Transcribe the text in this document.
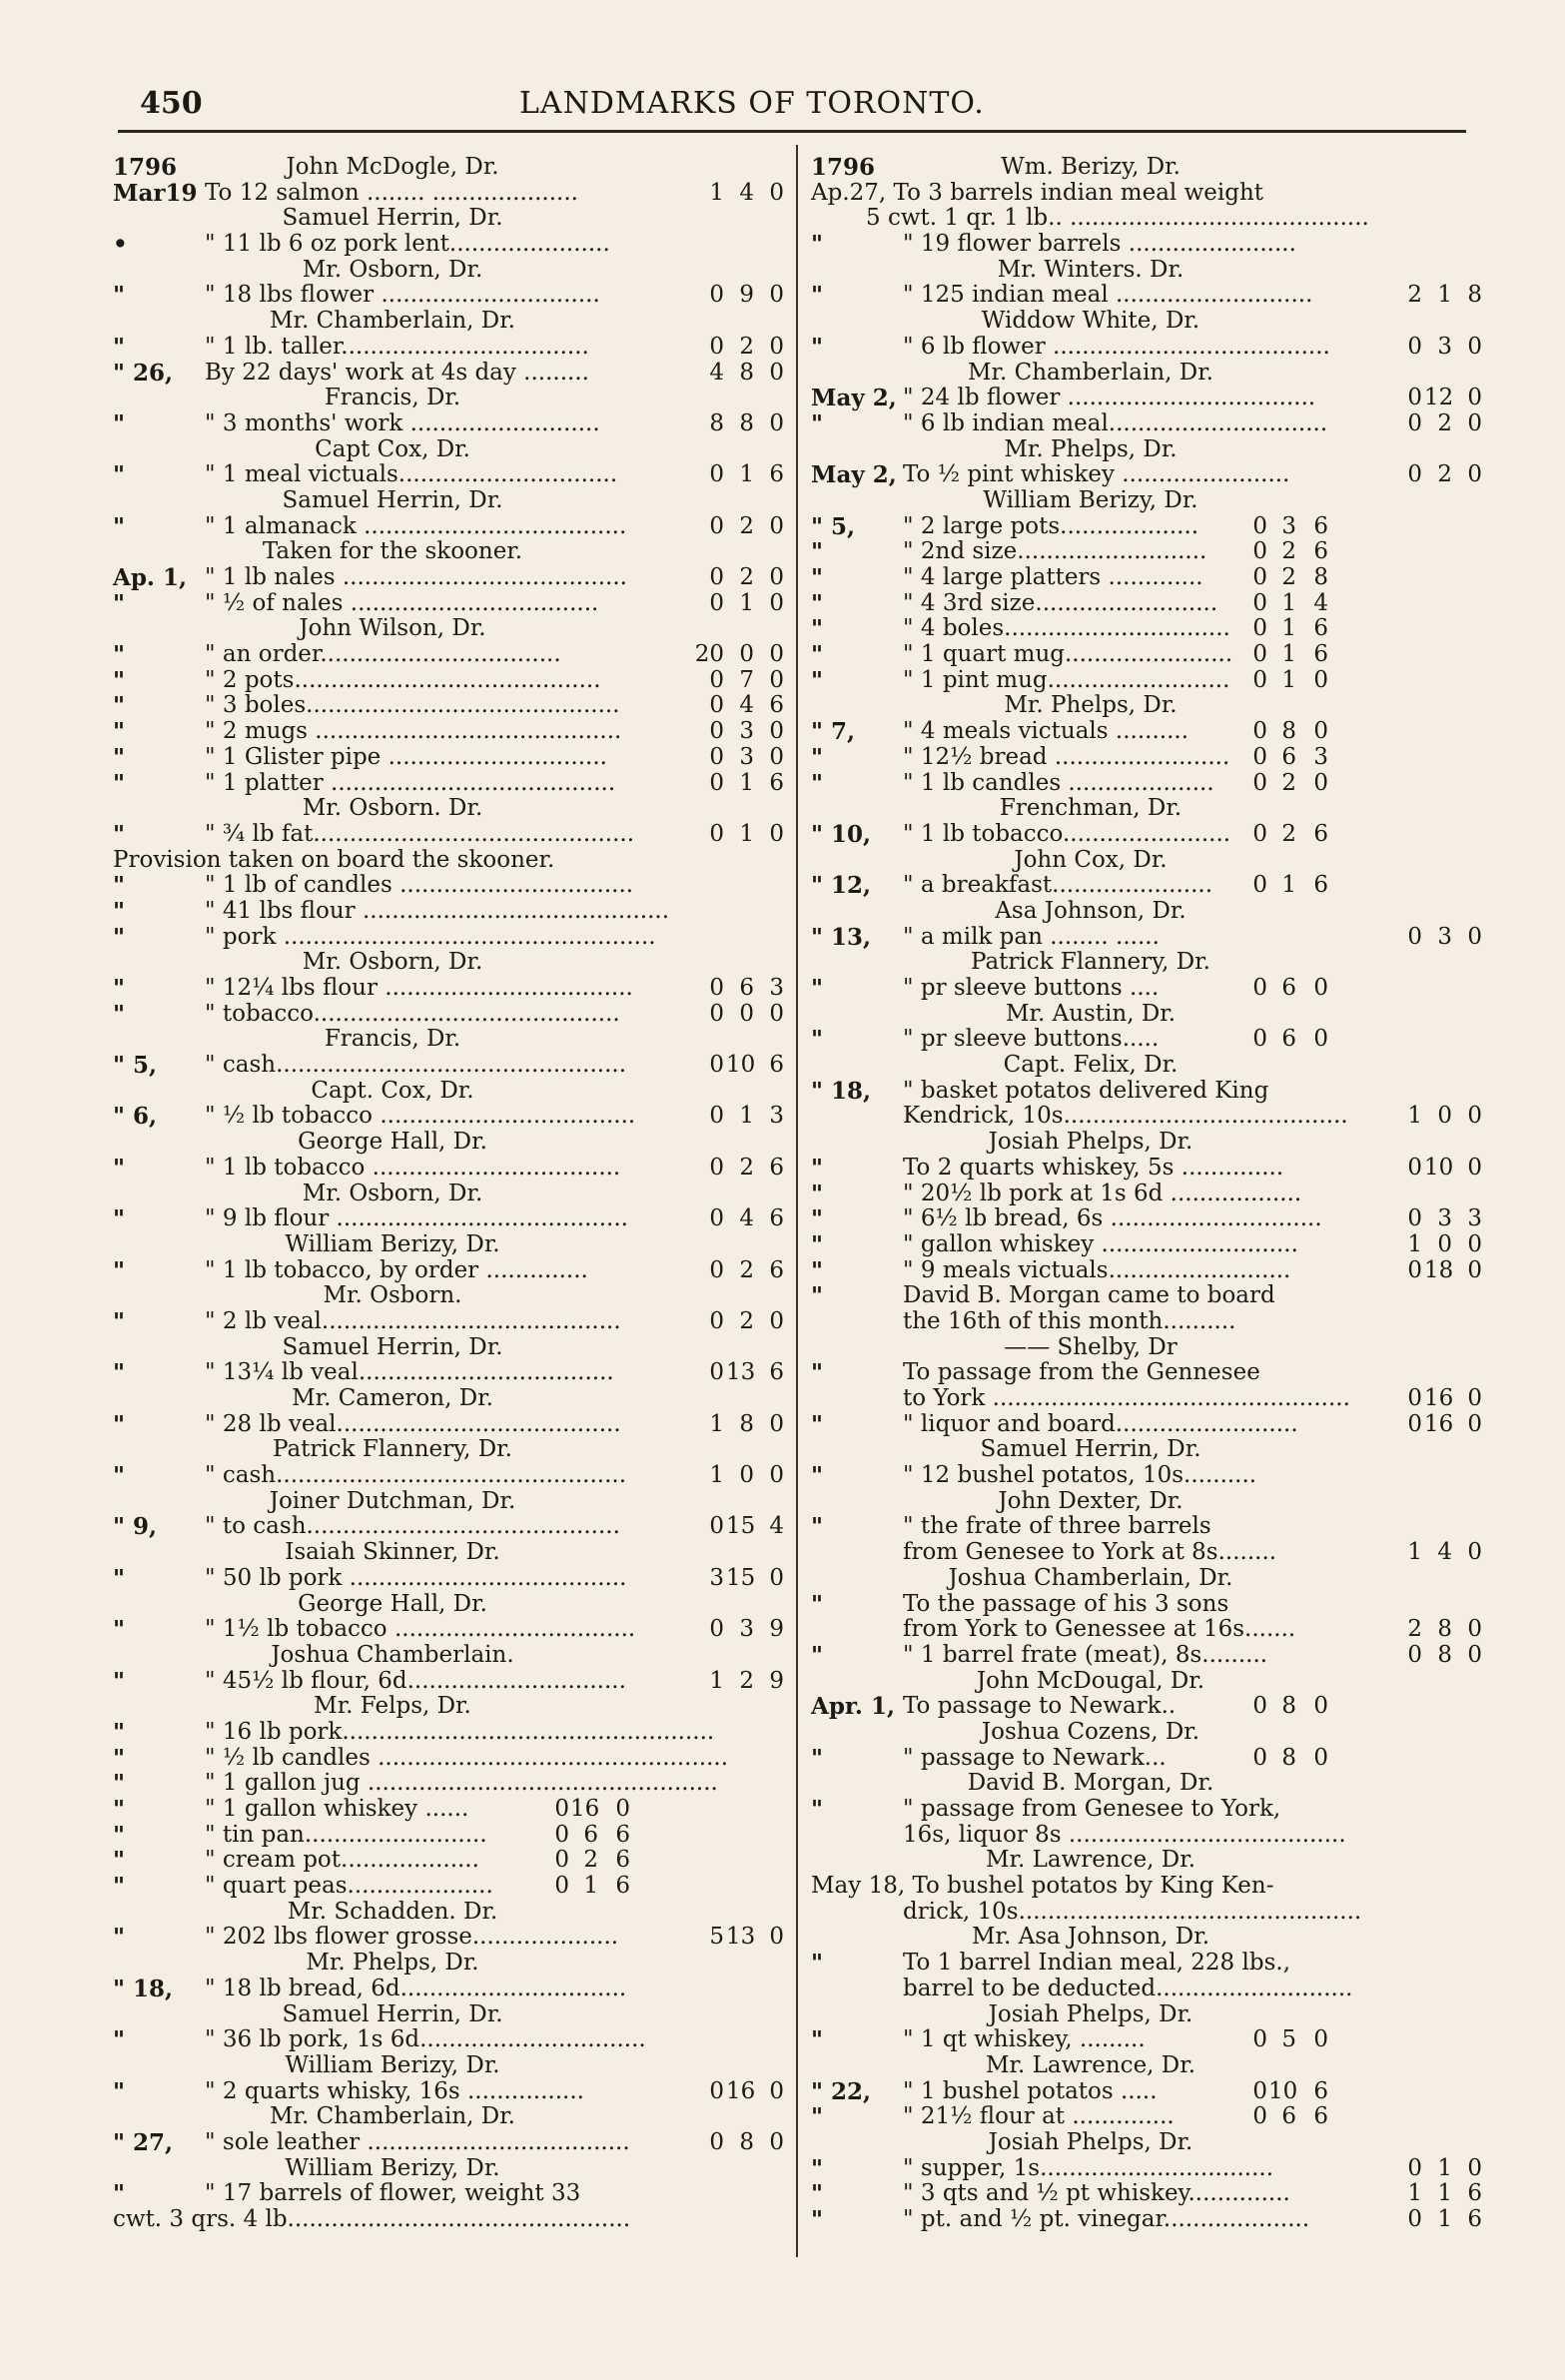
450	LANDMARKS OF TORONTO.
1796	John McDogle, Dr.
Mar19 To 12 salmon ........ ....................	1 4 0
Samuel Herrin, Dr.
•	" 11 lb 6 oz pork lent......................
Mr. Osborn, Dr.
"	" 18 lbs flower ..............................	0 9 0
Mr. Chamberlain, Dr.
"	" 1 lb. taller..................................	0 2 0
" 26, By 22 days' work at 4s day .........	4 8 0
Francis, Dr.
"	" 3 months' work ..........................	8 8 0
Capt Cox, Dr.
"	" 1 meal victuals..............................	0 1 6
Samuel Herrin, Dr.
"	" 1 almanack ....................................	0 2 0
Taken for the skooner.
Ap. 1, " 1 lb nales .......................................	0 2 0
"	" ½ of nales ..................................	0 1 0
John Wilson, Dr.
"	" an order.................................	20 0 0
"	" 2 pots..........................................	0 7 0
"	" 3 boles...........................................	0 4 6
"	" 2 mugs ..........................................	0 3 0
"	" 1 Glister pipe ..............................	0 3 0
"	" 1 platter .......................................	0 1 6
Mr. Osborn. Dr.
"	" ¾ lb fat............................................	0 1 0
Provision taken on board the skooner.
"	" 1 lb of candles ................................
"	" 41 lbs flour ..........................................
"	" pork ...................................................
Mr. Osborn, Dr.
"	" 12¼ lbs flour ..................................	0 6 3
"	" tobacco..........................................	0 0 0
Francis, Dr.
" 5, " cash................................................	0 10 6
Capt. Cox, Dr.
" 6, " ½ lb tobacco ...................................	0 1 3
George Hall, Dr.
"	" 1 lb tobacco ..................................	0 2 6
Mr. Osborn, Dr.
"	" 9 lb flour ........................................	0 4 6
William Berizy, Dr.
"	" 1 lb tobacco, by order ..............	0 2 6
Mr. Osborn.
"	" 2 lb veal.........................................	0 2 0
Samuel Herrin, Dr.
"	" 13¼ lb veal...................................	0 13 6
Mr. Cameron, Dr.
"	" 28 lb veal.......................................	1 8 0
Patrick Flannery, Dr.
"	" cash................................................	1 0 0
Joiner Dutchman, Dr.
" 9, " to cash...........................................	0 15 4
Isaiah Skinner, Dr.
"	" 50 lb pork ......................................	3 15 0
George Hall, Dr.
"	" 1½ lb tobacco .................................	0 3 9
Joshua Chamberlain.
"	" 45½ lb flour, 6d..............................	1 2 9
Mr. Felps, Dr.
"	" 16 lb pork...................................................
"	" ½ lb candles ................................................
"	" 1 gallon jug ................................................
"	" 1 gallon whiskey ......	0 16 0
"	" tin pan.........................	0 6 6
"	" cream pot...................	0 2 6
"	" quart peas....................	0 1 6
Mr. Schadden. Dr.
"	" 202 lbs flower grosse....................	5 13 0
Mr. Phelps, Dr.
" 18, " 18 lb bread, 6d...............................
Samuel Herrin, Dr.
"	" 36 lb pork, 1s 6d...............................
William Berizy, Dr.
"	" 2 quarts whisky, 16s ................	0 16 0
Mr. Chamberlain, Dr.
" 27, " sole leather ....................................	0 8 0
William Berizy, Dr.
"	" 17 barrels of flower, weight 33
cwt. 3 qrs. 4 lb...............................................
1796	Wm. Berizy, Dr.
Ap.27, To 3 barrels indian meal weight
5 cwt. 1 qr. 1 lb.. .........................................
"	" 19 flower barrels .......................
Mr. Winters. Dr.
"	" 125 indian meal ...........................	2 1 8
Widdow White, Dr.
"	" 6 lb flower ......................................	0 3 0
Mr. Chamberlain, Dr.
May 2, " 24 lb flower ..................................	0 12 0
"	" 6 lb indian meal..............................	0 2 0
Mr. Phelps, Dr.
May 2, To ½ pint whiskey .......................	0 2 0
William Berizy, Dr.
" 5, " 2 large pots...................	0 3 6
"	" 2nd size..........................	0 2 6
"	" 4 large platters .............	0 2 8
"	" 4 3rd size.........................	0 1 4
"	" 4 boles............................... 0 1 6
"	" 1 quart mug....................... 0 1 6
"	" 1 pint mug......................... 0 1 0
Mr. Phelps, Dr.
" 7, " 4 meals victuals ..........	0 8 0
"	" 12½ bread ........................	0 6 3
"	" 1 lb candles ....................	0 2 0
Frenchman, Dr.
" 10, " 1 lb tobacco....................... 0 2 6
John Cox, Dr.
" 12, " a breakfast......................	0 1 6
Asa Johnson, Dr.
" 13, " a milk pan ........ ......	0 3 0
Patrick Flannery, Dr.
"	" pr sleeve buttons ....	0 6 0
Mr. Austin, Dr.
"	" pr sleeve buttons.....	0 6 0
Capt. Felix, Dr.
" 18, " basket potatos delivered King
Kendrick, 10s.......................................	1 0 0
Josiah Phelps, Dr.
"	To 2 quarts whiskey, 5s ..............	0 10 0
"	" 20½ lb pork at 1s 6d ..................
"	" 6½ lb bread, 6s .............................	0 3 3
"	" gallon whiskey ...........................	1 0 0
"	" 9 meals victuals.........................	0 18 0
"	David B. Morgan came to board
the 16th of this month..........
—— Shelby, Dr
"	To passage from the Gennesee
to York .................................................	0 16 0
"	" liquor and board.........................	0 16 0
Samuel Herrin, Dr.
"	" 12 bushel potatos, 10s..........
John Dexter, Dr.
"	" the frate of three barrels
from Genesee to York at 8s........	1 4 0
Joshua Chamberlain, Dr.
"	To the passage of his 3 sons
from York to Genessee at 16s.......	2 8 0
"	" 1 barrel frate (meat), 8s.........	0 8 0
John McDougal, Dr.
Apr. 1, To passage to Newark..	0 8 0
Joshua Cozens, Dr.
"	" passage to Newark...	0 8 0
David B. Morgan, Dr.
"	" passage from Genesee to York,
16s, liquor 8s ......................................
Mr. Lawrence, Dr.
May 18, To bushel potatos by King Ken-
drick, 10s...............................................
Mr. Asa Johnson, Dr.
"	To 1 barrel Indian meal, 228 lbs.,
barrel to be deducted...........................
Josiah Phelps, Dr.
"	" 1 qt whiskey, .........	0 5 0
Mr. Lawrence, Dr.
" 22, " 1 bushel potatos .....	0 10 6
"	" 21½ flour at ..............	0 6 6
Josiah Phelps, Dr.
"	" supper, 1s................................	0 1 0
"	" 3 qts and ½ pt whiskey..............	1 1 6
"	" pt. and ½ pt. vinegar....................	0 1 6
